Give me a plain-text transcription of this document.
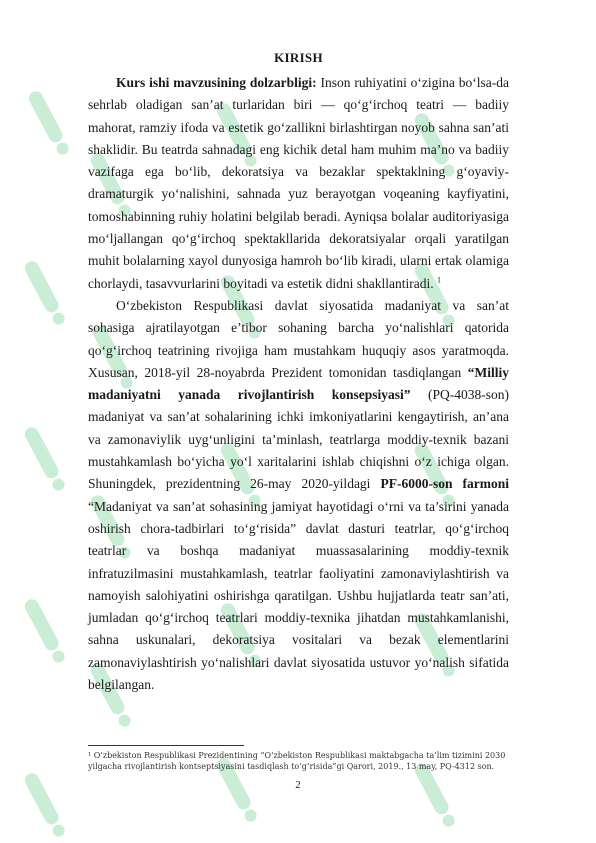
KIRISH

Kurs ishi mavzusining dolzarbligi: Inson ruhiyatini o‘zigina bo‘lsa-da sehrlab oladigan san’at turlaridan biri — qo‘g‘irchoq teatri — badiiy mahorat, ramziy ifoda va estetik go‘zallikni birlashtirgan noyob sahna san’ati shaklidir. Bu teatrda sahnadagi eng kichik detal ham muhim ma’no va badiiy vazifaga ega bo‘lib, dekoratsiya va bezaklar spektaklning g‘oyaviy-dramaturgik yo‘nalishini, sahnada yuz berayotgan voqeaning kayfiyatini, tomoshabinning ruhiy holatini belgilab beradi. Ayniqsa bolalar auditoriyasiga mo‘ljallangan qo‘g‘irchoq spektakllarida dekoratsiyalar orqali yaratilgan muhit bolalarning xayol dunyosiga hamroh bo‘lib kiradi, ularni ertak olamiga chorlaydi, tasavvurlarini boyitadi va estetik didni shakllantiradi. $^1$

O‘zbekiston Respublikasi davlat siyosatida madaniyat va san’at sohasiga ajratilayotgan e’tibor sohaning barcha yo‘nalishlari qatorida qo‘g‘irchoq teatrining rivojiga ham mustahkam huquqiy asos yaratmoqda. Xususan, 2018-yil 28-noyabrda Prezident tomonidan tasdiqlangan “Milliy madaniyatni yanada rivojlantirish konsepsiyasi” (PQ-4038-son) madaniyat va san’at sohalarining ichki imkoniyatlarini kengaytirish, an’ana va zamonaviylik uyg‘unligini ta’minlash, teatrlarga moddiy-texnik bazani mustahkamlash bo‘yicha yo‘l xaritalarini ishlab chiqishni o‘z ichiga olgan. Shuningdek, prezidentning 26-may 2020-yildagi PF-6000-son farmoni “Madaniyat va san’at sohasining jamiyat hayotidagi o‘rni va ta’sirini yanada oshirish chora-tadbirlari to‘g‘risida” davlat dasturi teatrlar, qo‘g‘irchoq teatrlar va boshqa madaniyat muassasalarining moddiy-texnik infratuzilmasini mustahkamlash, teatrlar faoliyatini zamonaviylashtirish va namoyish salohiyatini oshirishga qaratilgan. Ushbu hujjatlarda teatr san’ati, jumladan qo‘g‘irchoq teatrlari moddiy-texnika jihatdan mustahkamlanishi, sahna uskunalari, dekoratsiya vositalari va bezak elementlarini zamonaviylashtirish yo‘nalishlari davlat siyosatida ustuvor yo‘nalish sifatida belgilangan.

¹ O‘zbekiston Respublikasi Prezidentining “O‘zbekiston Respublikasi maktabgacha ta’lim tizimini 2030 yilgacha rivojlantirish kontseptsiyasini tasdiqlash to‘g‘risida”gi Qarori, 2019., 13 may, PQ-4312 son.
2
